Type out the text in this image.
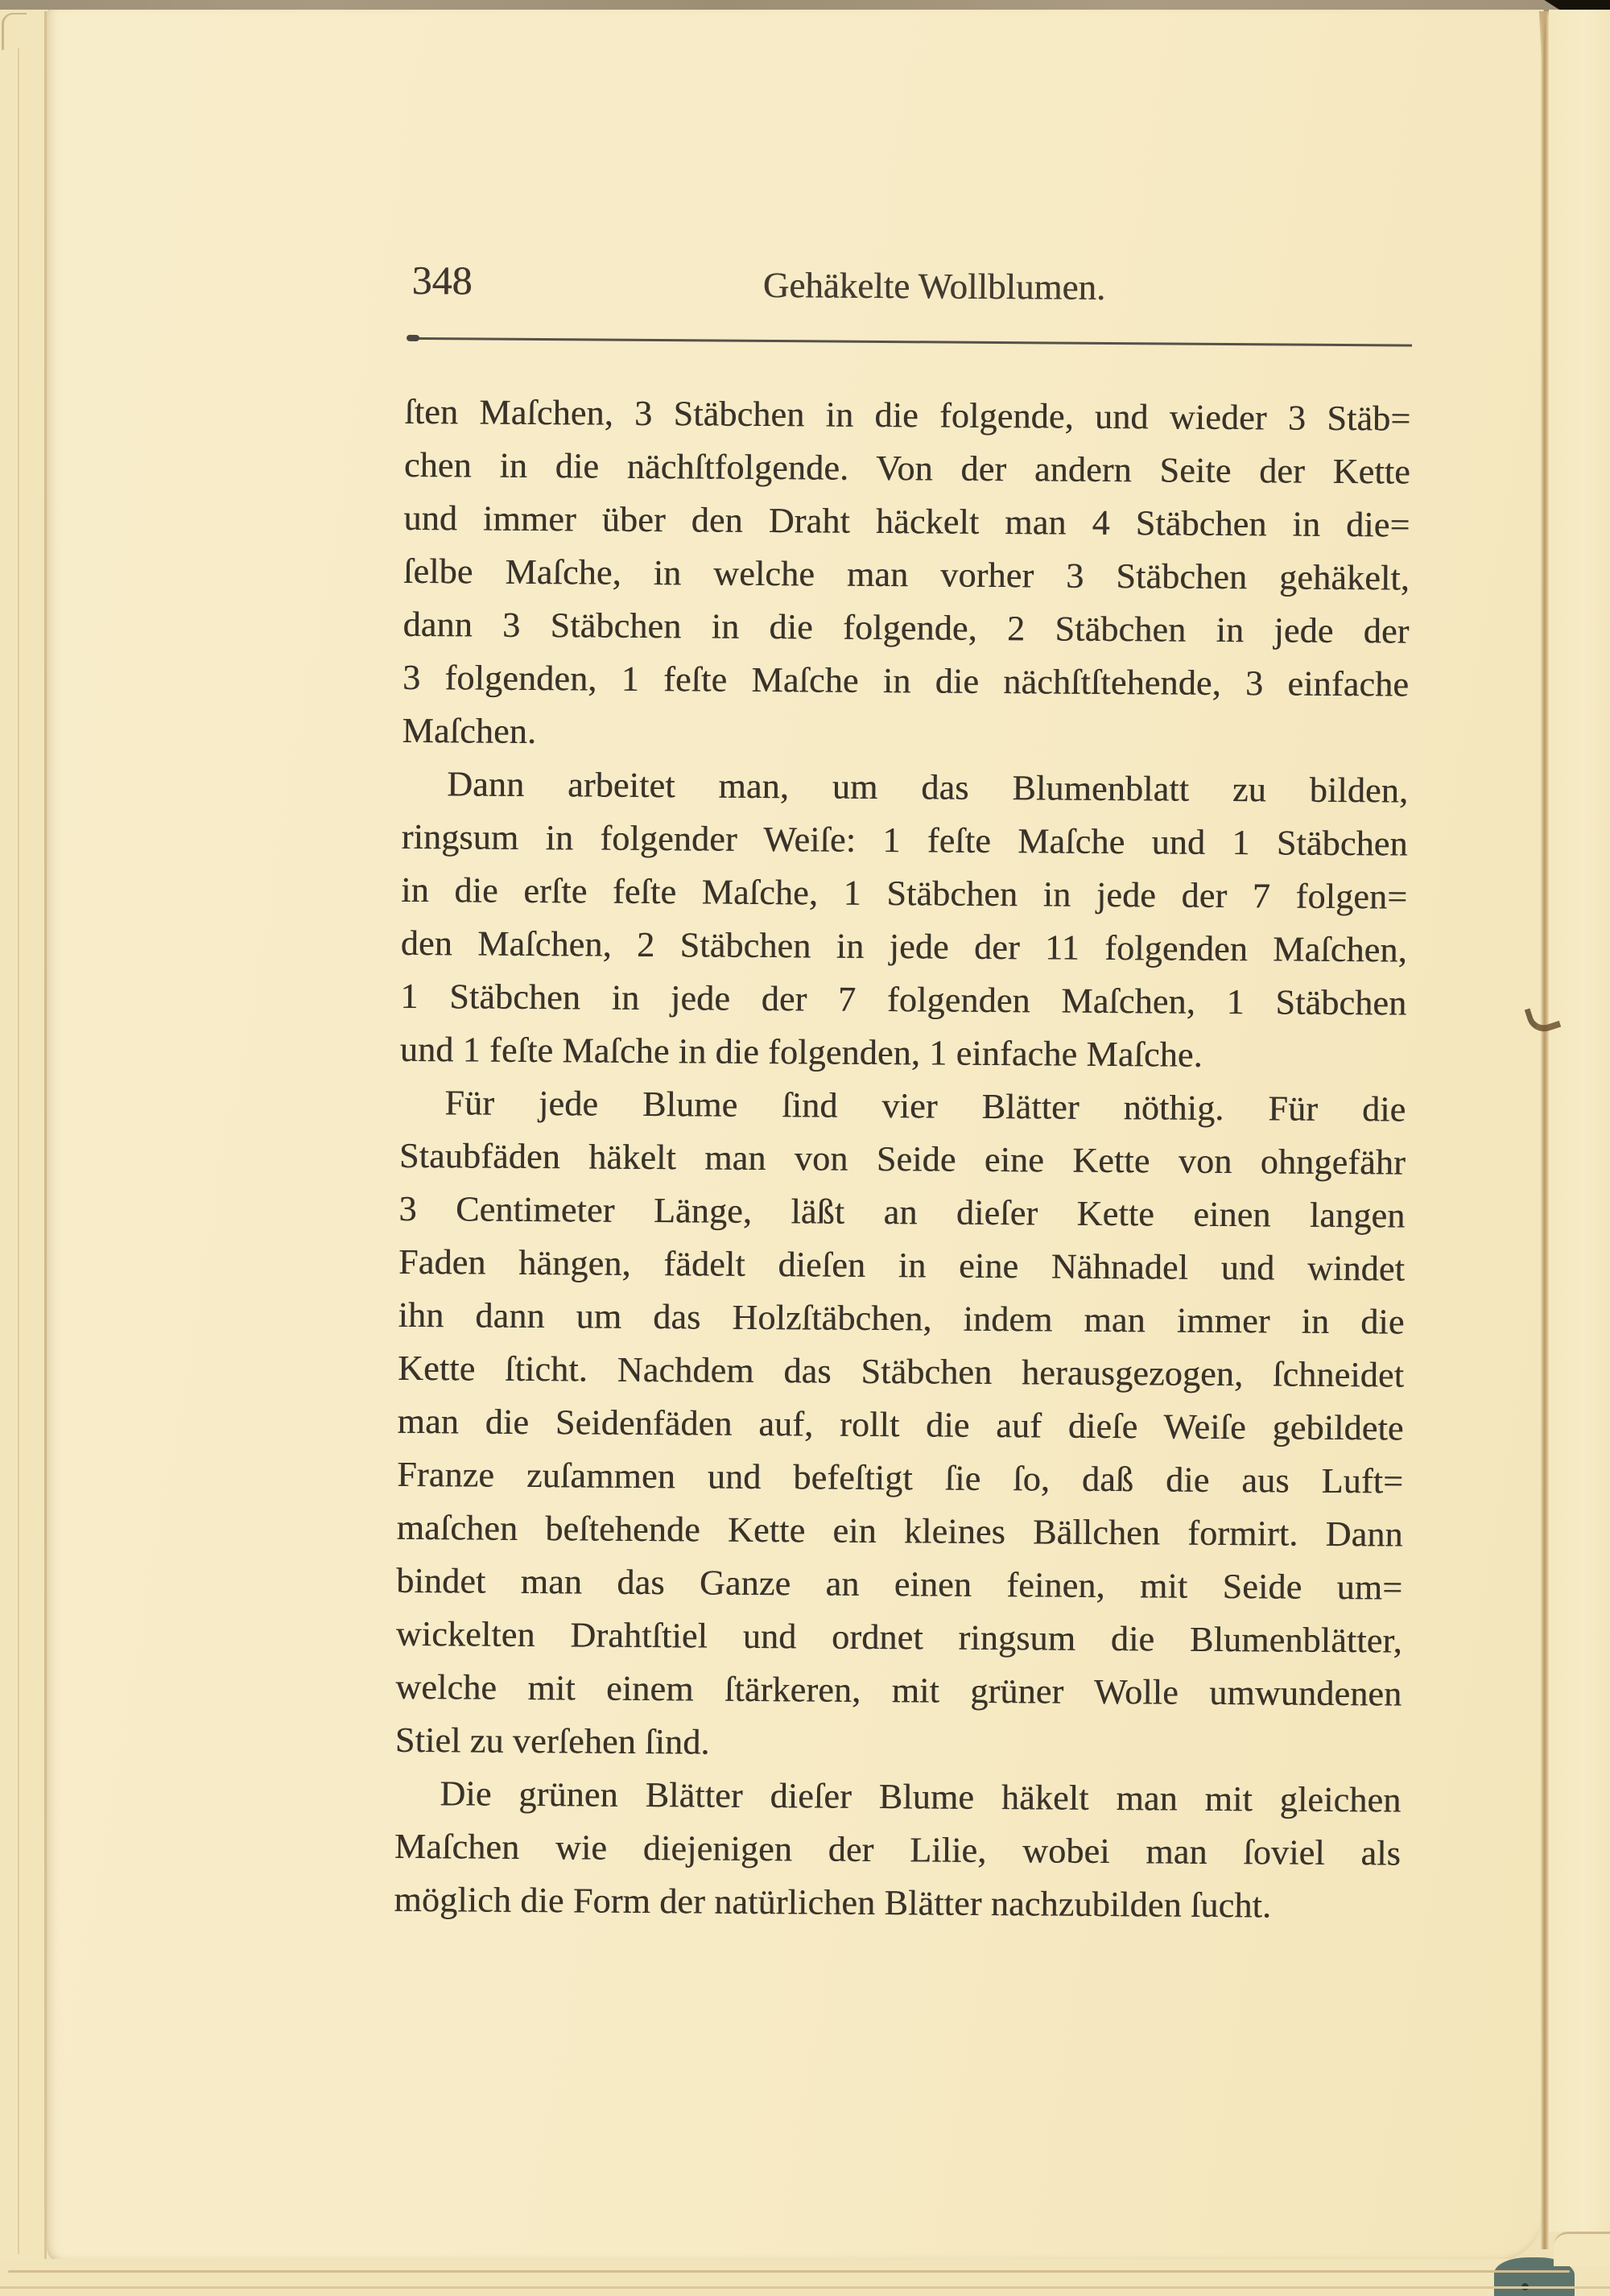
348	Gehäkelte Wollblumen.
ſten Maſchen, 3 Stäbchen in die folgende, und wieder 3 Stäb=
chen in die nächſtfolgende. Von der andern Seite der Kette
und immer über den Draht häckelt man 4 Stäbchen in die=
ſelbe Maſche, in welche man vorher 3 Stäbchen gehäkelt,
dann 3 Stäbchen in die folgende, 2 Stäbchen in jede der
3 folgenden, 1 feſte Maſche in die nächſtſtehende, 3 einfache
Maſchen.
Dann arbeitet man, um das Blumenblatt zu bilden,
ringsum in folgender Weiſe: 1 feſte Maſche und 1 Stäbchen
in die erſte feſte Maſche, 1 Stäbchen in jede der 7 folgen=
den Maſchen, 2 Stäbchen in jede der 11 folgenden Maſchen,
1 Stäbchen in jede der 7 folgenden Maſchen, 1 Stäbchen
und 1 feſte Maſche in die folgenden, 1 einfache Maſche.
Für jede Blume ſind vier Blätter nöthig. Für die
Staubfäden häkelt man von Seide eine Kette von ohngefähr
3 Centimeter Länge, läßt an dieſer Kette einen langen
Faden hängen, fädelt dieſen in eine Nähnadel und windet
ihn dann um das Holzſtäbchen, indem man immer in die
Kette ſticht. Nachdem das Stäbchen herausgezogen, ſchneidet
man die Seidenfäden auf, rollt die auf dieſe Weiſe gebildete
Franze zuſammen und befeſtigt ſie ſo, daß die aus Luft=
maſchen beſtehende Kette ein kleines Bällchen formirt. Dann
bindet man das Ganze an einen feinen, mit Seide um=
wickelten Drahtſtiel und ordnet ringsum die Blumenblätter,
welche mit einem ſtärkeren, mit grüner Wolle umwundenen
Stiel zu verſehen ſind.
Die grünen Blätter dieſer Blume häkelt man mit gleichen
Maſchen wie diejenigen der Lilie, wobei man ſoviel als
möglich die Form der natürlichen Blätter nachzubilden ſucht.
